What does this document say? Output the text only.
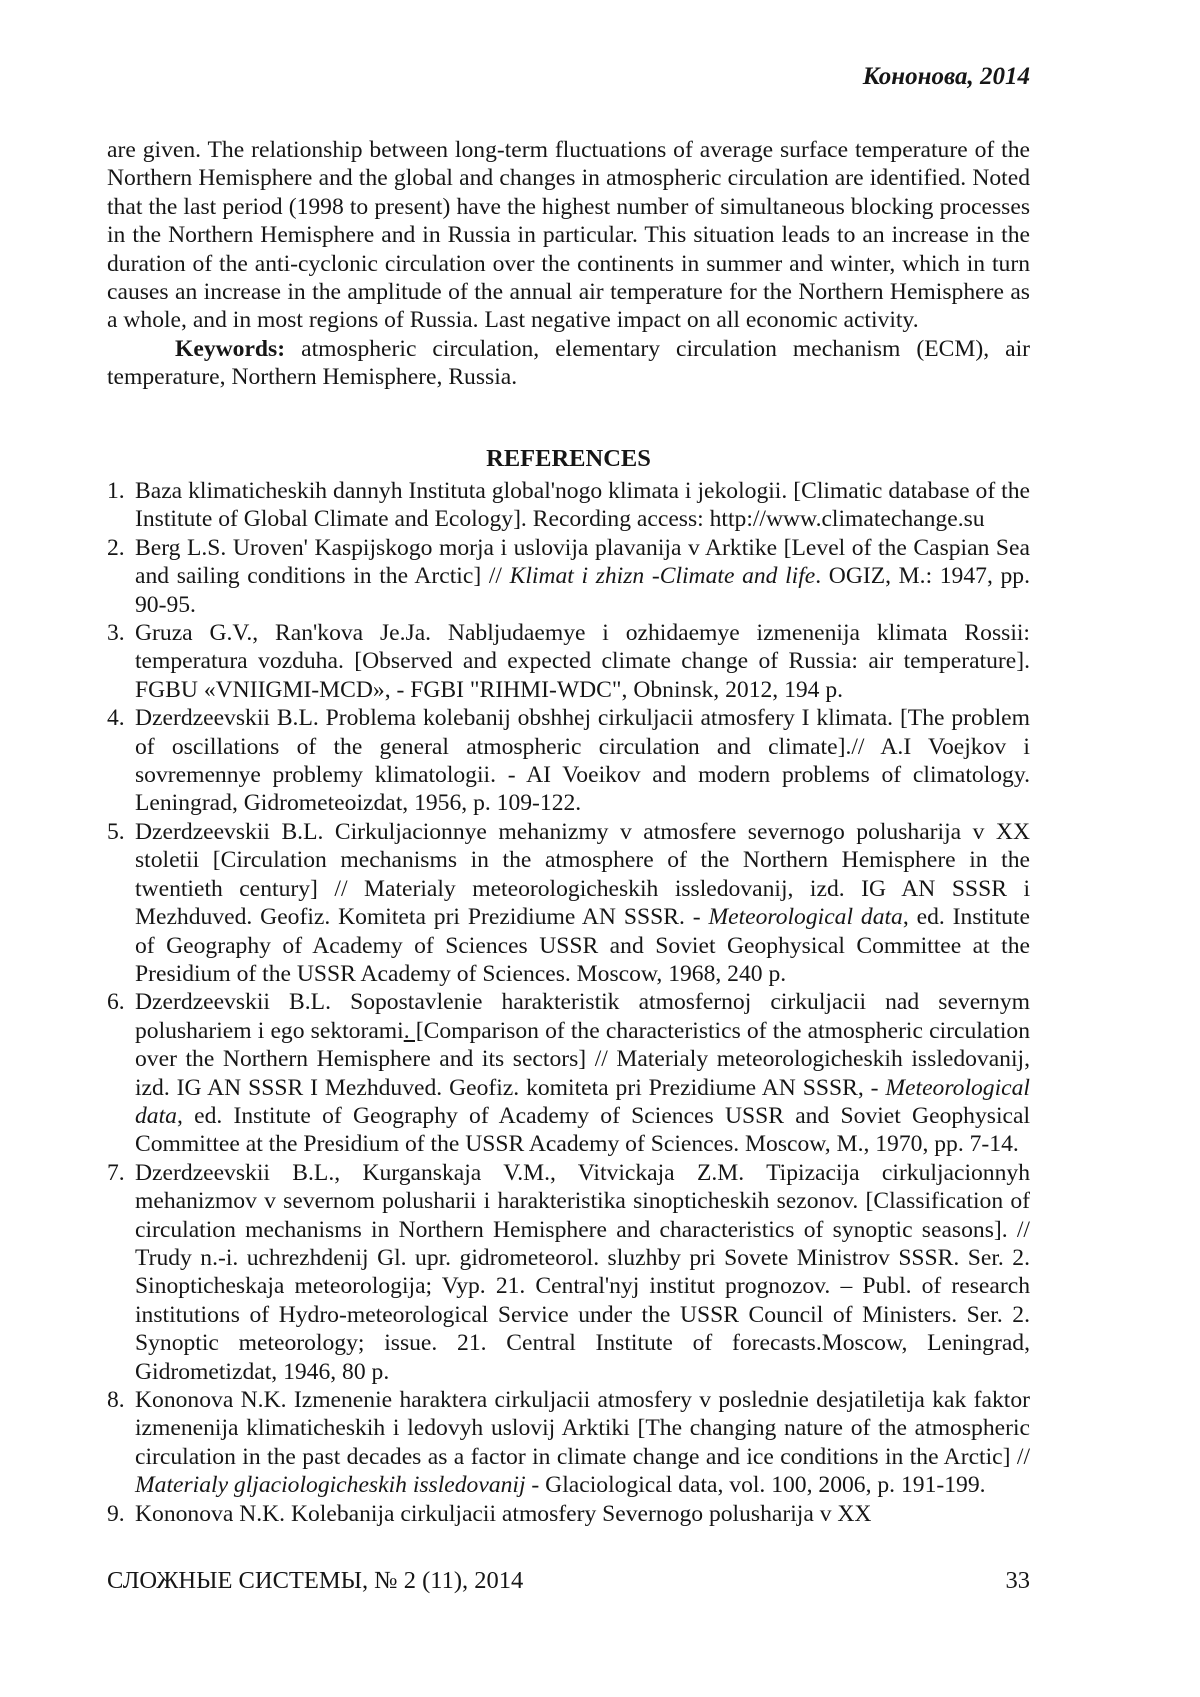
Кононова, 2014

are given. The relationship between long-term fluctuations of average surface temperature of the Northern Hemisphere and the global and changes in atmospheric circulation are identified. Noted that the last period (1998 to present) have the highest number of simultaneous blocking processes in the Northern Hemisphere and in Russia in particular. This situation leads to an increase in the duration of the anti-cyclonic circulation over the continents in summer and winter, which in turn causes an increase in the amplitude of the annual air temperature for the Northern Hemisphere as a whole, and in most regions of Russia. Last negative impact on all economic activity.

Keywords: atmospheric circulation, elementary circulation mechanism (ECM), air temperature, Northern Hemisphere, Russia.

REFERENCES
1. Baza klimaticheskih dannyh Instituta global'nogo klimata i jekologii. [Climatic database of the Institute of Global Climate and Ecology]. Recording access: http://www.climatechange.su
2. Berg L.S. Uroven' Kaspijskogo morja i uslovija plavanija v Arktike [Level of the Caspian Sea and sailing conditions in the Arctic] // Klimat i zhizn -Climate and life. OGIZ, M.: 1947, pp. 90-95.
3. Gruza G.V., Ran'kova Je.Ja. Nabljudaemye i ozhidaemye izmenenija klimata Rossii: temperatura vozduha. [Observed and expected climate change of Russia: air temperature]. FGBU «VNIIGMI-MCD», - FGBI "RIHMI-WDC", Obninsk, 2012, 194 p.
4. Dzerdzeevskii B.L. Problema kolebanij obshhej cirkuljacii atmosfery I klimata. [The problem of oscillations of the general atmospheric circulation and climate].// A.I Voejkov i sovremennye problemy klimatologii. - AI Voeikov and modern problems of climatology. Leningrad, Gidrometeoizdat, 1956, p. 109-122.
5. Dzerdzeevskii B.L. Cirkuljacionnye mehanizmy v atmosfere severnogo polusharija v XX stoletii [Circulation mechanisms in the atmosphere of the Northern Hemisphere in the twentieth century] // Materialy meteorologicheskih issledovanij, izd. IG AN SSSR i Mezhduved. Geofiz. Komiteta pri Prezidiume AN SSSR. - Meteorological data, ed. Institute of Geography of Academy of Sciences USSR and Soviet Geophysical Committee at the Presidium of the USSR Academy of Sciences. Moscow, 1968, 240 p.
6. Dzerdzeevskii B.L. Sopostavlenie harakteristik atmosfernoj cirkuljacii nad severnym polushariem i ego sektorami. [Comparison of the characteristics of the atmospheric circulation over the Northern Hemisphere and its sectors] // Materialy meteorologicheskih issledovanij, izd. IG AN SSSR I Mezhduved. Geofiz. komiteta pri Prezidiume AN SSSR, - Meteorological data, ed. Institute of Geography of Academy of Sciences USSR and Soviet Geophysical Committee at the Presidium of the USSR Academy of Sciences. Moscow, M., 1970, pp. 7-14.
7. Dzerdzeevskii B.L., Kurganskaja V.M., Vitvickaja Z.M. Tipizacija cirkuljacionnyh mehanizmov v severnom polusharii i harakteristika sinopticheskih sezonov. [Classification of circulation mechanisms in Northern Hemisphere and characteristics of synoptic seasons]. // Trudy n.-i. uchrezhdenij Gl. upr. gidrometeorol. sluzhby pri Sovete Ministrov SSSR. Ser. 2. Sinopticheskaja meteorologija; Vyp. 21. Central'nyj institut prognozov. – Publ. of research institutions of Hydro-meteorological Service under the USSR Council of Ministers. Ser. 2. Synoptic meteorology; issue. 21. Central Institute of forecasts.Moscow, Leningrad, Gidrometizdat, 1946, 80 p.
8. Kononova N.K. Izmenenie haraktera cirkuljacii atmosfery v poslednie desjatiletija kak faktor izmenenija klimaticheskih i ledovyh uslovij Arktiki [The changing nature of the atmospheric circulation in the past decades as a factor in climate change and ice conditions in the Arctic] // Materialy gljaciologicheskih issledovanij - Glaciological data, vol. 100, 2006, p. 191-199.
9. Kononova N.K. Kolebanija cirkuljacii atmosfery Severnogo polusharija v XX
СЛОЖНЫЕ СИСТЕМЫ, № 2 (11), 2014	33
